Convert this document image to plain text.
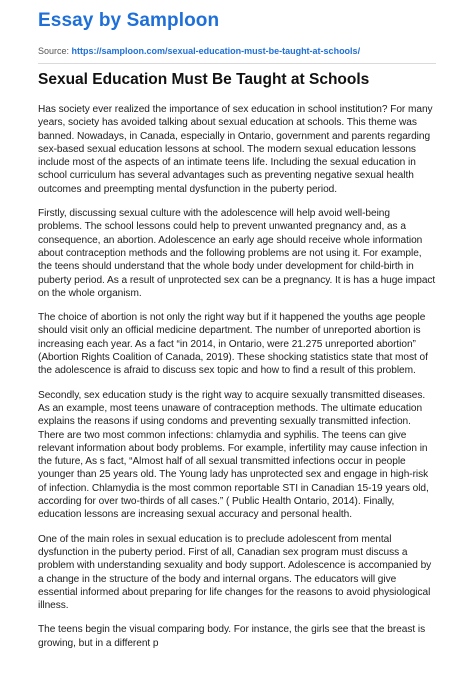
Essay by Samploon
Source: https://samploon.com/sexual-education-must-be-taught-at-schools/
Sexual Education Must Be Taught at Schools

Has society ever realized the importance of sex education in school institution? For many years, society has avoided talking about sexual education at schools. This theme was banned. Nowadays, in Canada, especially in Ontario, government and parents regarding sex-based sexual education lessons at school. The modern sexual education lessons include most of the aspects of an intimate teens life. Including the sexual education in school curriculum has several advantages such as preventing negative sexual health outcomes and preempting mental dysfunction in the puberty period.

Firstly, discussing sexual culture with the adolescence will help avoid well-being problems. The school lessons could help to prevent unwanted pregnancy and, as a consequence, an abortion. Adolescence an early age should receive whole information about contraception methods and the following problems are not using it. For example, the teens should understand that the whole body under development for child-birth in puberty period. As a result of unprotected sex can be a pregnancy. It is has a huge impact on the whole organism.

The choice of abortion is not only the right way but if it happened the youths age people should visit only an official medicine department. The number of unreported abortion is increasing each year. As a fact “in 2014, in Ontario, were 21.275 unreported abortion” (Abortion Rights Coalition of Canada, 2019). These shocking statistics state that most of the adolescence is afraid to discuss sex topic and how to find a result of this problem.

Secondly, sex education study is the right way to acquire sexually transmitted diseases. As an example, most teens unaware of contraception methods. The ultimate education explains the reasons if using condoms and preventing sexually transmitted infection. There are two most common infections: chlamydia and syphilis. The teens can give relevant information about body problems. For example, infertility may cause infection in the future, As s fact, “Almost half of all sexual transmitted infections occur in people younger than 25 years old. The Young lady has unprotected sex and engage in high-risk of infection. Chlamydia is the most common reportable STI in Canadian 15-19 years old, according for over two-thirds of all cases.” ( Public Health Ontario, 2014). Finally, education lessons are increasing sexual accuracy and personal health.

One of the main roles in sexual education is to preclude adolescent from mental dysfunction in the puberty period. First of all, Canadian sex program must discuss a problem with understanding sexuality and body support. Adolescence is accompanied by a change in the structure of the body and internal organs. The educators will give essential informed about preparing for life changes for the reasons to avoid physiological illness.

The teens begin the visual comparing body. For instance, the girls see that the breast is growing, but in a different p
